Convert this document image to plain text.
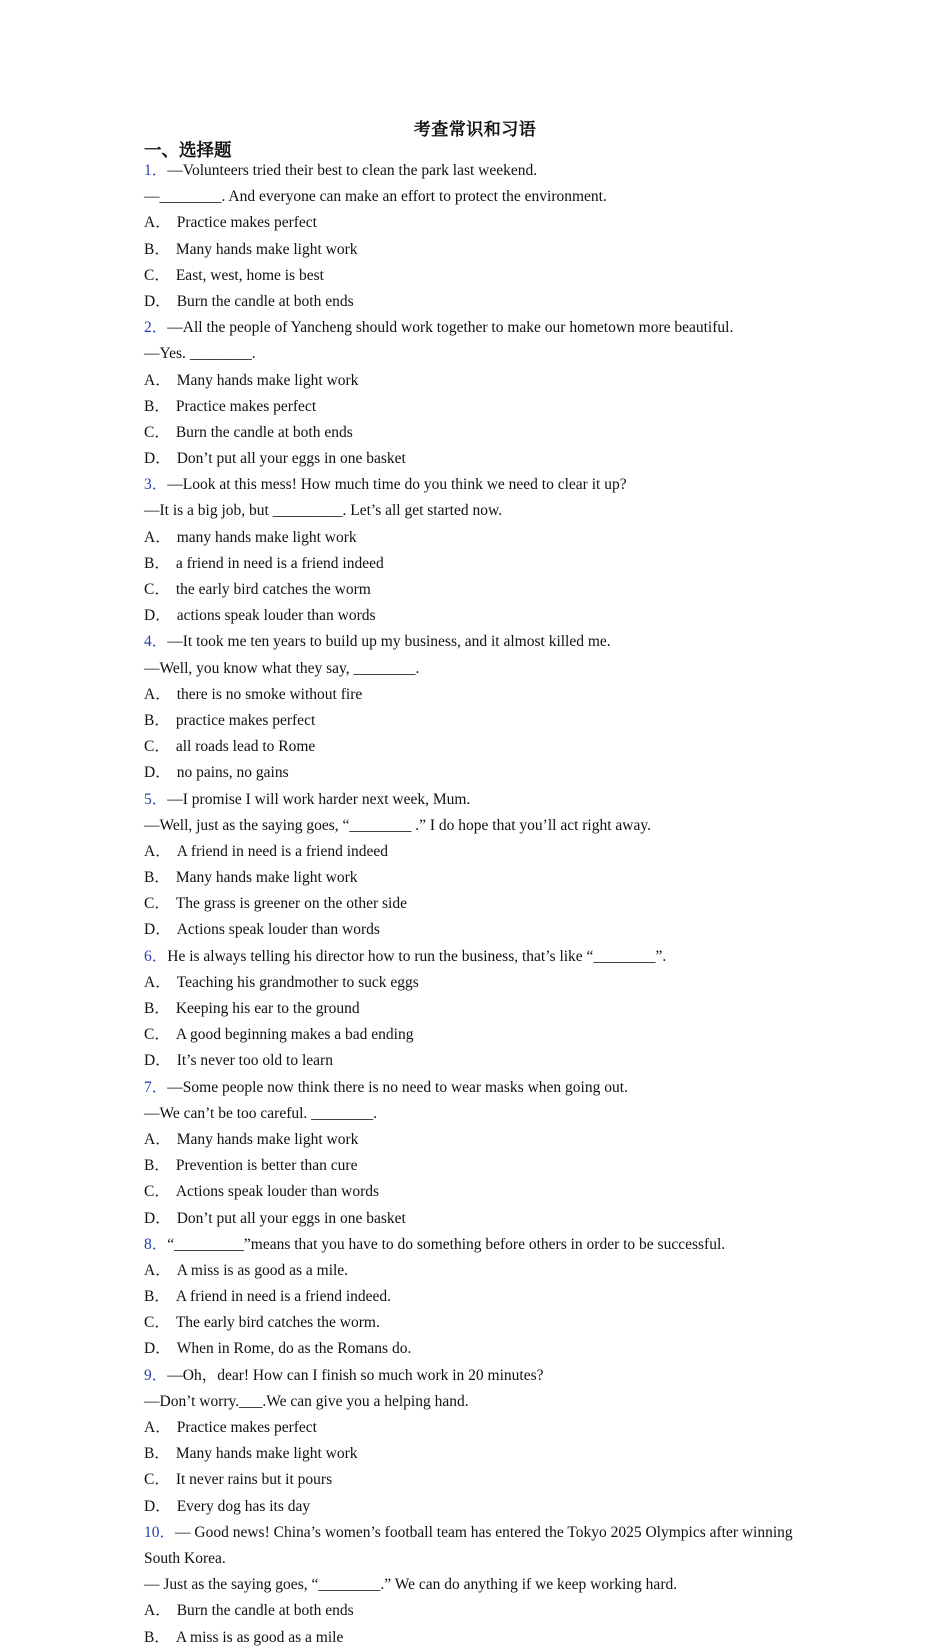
考查常识和习语
一、选择题
1．—Volunteers tried their best to clean the park last weekend.
—________. And everyone can make an effort to protect the environment.
A． Practice makes perfect
B． Many hands make light work
C． East, west, home is best
D． Burn the candle at both ends
2．—All the people of Yancheng should work together to make our hometown more beautiful.
—Yes. ________.
A． Many hands make light work
B． Practice makes perfect
C． Burn the candle at both ends
D． Don’t put all your eggs in one basket
3．—Look at this mess! How much time do you think we need to clear it up?
—It is a big job, but _________. Let’s all get started now.
A． many hands make light work
B． a friend in need is a friend indeed
C． the early bird catches the worm
D． actions speak louder than words
4．—It took me ten years to build up my business, and it almost killed me.
—Well, you know what they say, ________.
A． there is no smoke without fire
B． practice makes perfect
C． all roads lead to Rome
D． no pains, no gains
5．—I promise I will work harder next week, Mum.
—Well, just as the saying goes, “________ .” I do hope that you’ll act right away.
A． A friend in need is a friend indeed
B． Many hands make light work
C． The grass is greener on the other side
D． Actions speak louder than words
6．He is always telling his director how to run the business, that’s like “________”.
A． Teaching his grandmother to suck eggs
B． Keeping his ear to the ground
C． A good beginning makes a bad ending
D． It’s never too old to learn
7．—Some people now think there is no need to wear masks when going out.
—We can’t be too careful. ________.
A． Many hands make light work
B． Prevention is better than cure
C． Actions speak louder than words
D． Don’t put all your eggs in one basket
8．“_________”means that you have to do something before others in order to be successful.
A． A miss is as good as a mile.
B． A friend in need is a friend indeed.
C． The early bird catches the worm.
D． When in Rome, do as the Romans do.
9．—Oh，dear! How can I finish so much work in 20 minutes?
—Don’t worry.___.We can give you a helping hand.
A． Practice makes perfect
B． Many hands make light work
C． It never rains but it pours
D． Every dog has its day
10．— Good news! China’s women’s football team has entered the Tokyo 2025 Olympics after winning South Korea.
— Just as the saying goes, “________.” We can do anything if we keep working hard.
A． Burn the candle at both ends
B． A miss is as good as a mile
